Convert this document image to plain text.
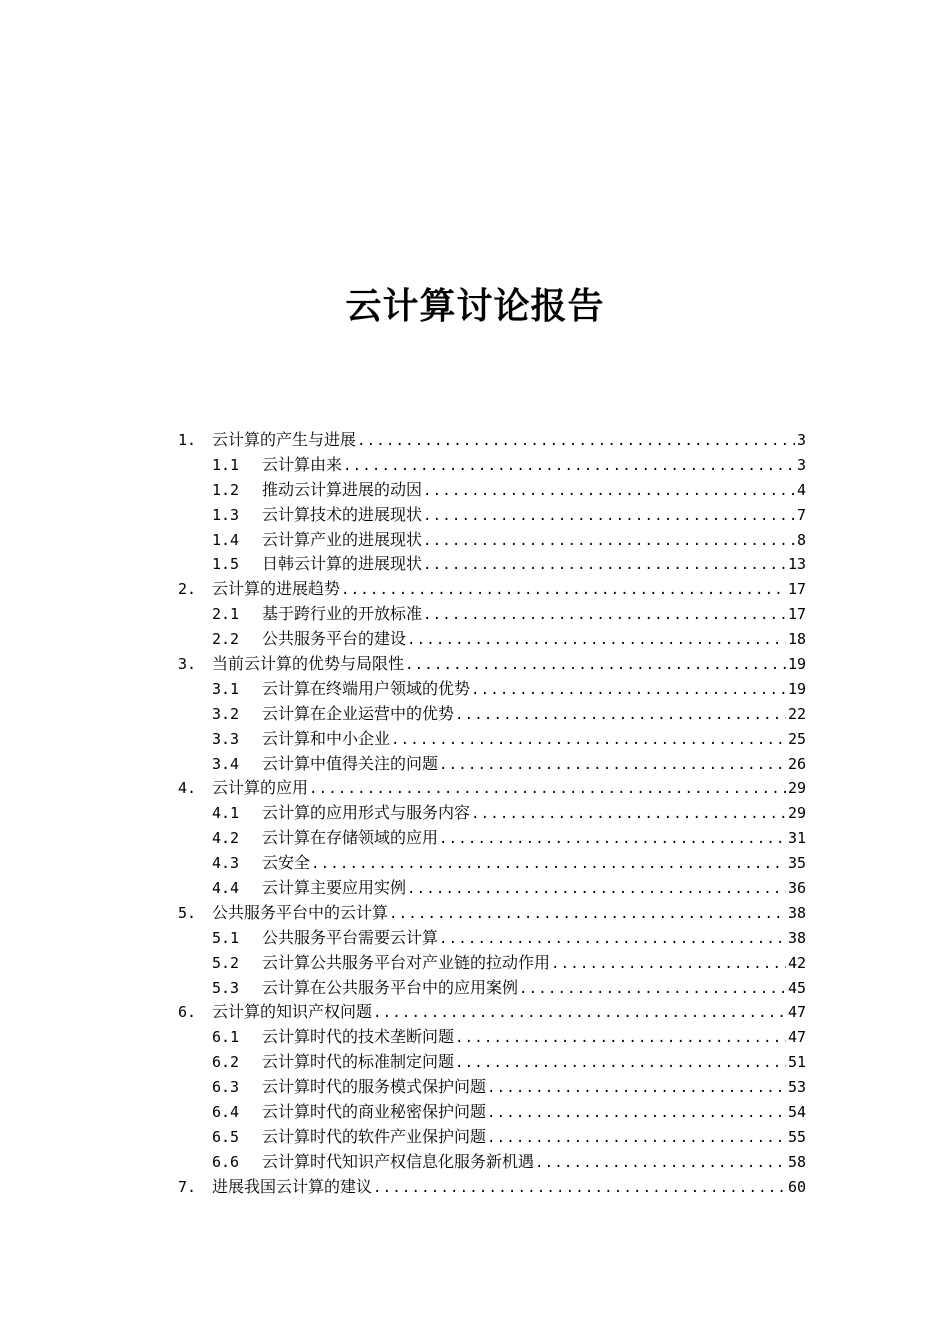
云计算讨论报告
1. 云计算的产生与进展 .....	3
1.1	云计算由来 .....	3
1.2	推动云计算进展的动因 .....	4
1.3	云计算技术的进展现状 .....	7
1.4	云计算产业的进展现状 .....	8
1.5	日韩云计算的进展现状 .....	13
2. 云计算的进展趋势 .....	17
2.1	基于跨行业的开放标准 .....	17
2.2	公共服务平台的建设 .....	18
3. 当前云计算的优势与局限性 .....	19
3.1	云计算在终端用户领域的优势 .....	19
3.2	云计算在企业运营中的优势 .....	22
3.3	云计算和中小企业 .....	25
3.4	云计算中值得关注的问题 .....	26
4. 云计算的应用 .....	29
4.1	云计算的应用形式与服务内容 .....	29
4.2	云计算在存储领域的应用 .....	31
4.3	云安全 .....	35
4.4	云计算主要应用实例 .....	36
5. 公共服务平台中的云计算 .....	38
5.1	公共服务平台需要云计算 .....	38
5.2	云计算公共服务平台对产业链的拉动作用 .....	42
5.3	云计算在公共服务平台中的应用案例 .....	45
6. 云计算的知识产权问题 .....	47
6.1	云计算时代的技术垄断问题 .....	47
6.2	云计算时代的标准制定问题 .....	51
6.3	云计算时代的服务模式保护问题 .....	53
6.4	云计算时代的商业秘密保护问题 .....	54
6.5	云计算时代的软件产业保护问题 .....	55
6.6	云计算时代知识产权信息化服务新机遇 .....	58
7. 进展我国云计算的建议 .....	60
